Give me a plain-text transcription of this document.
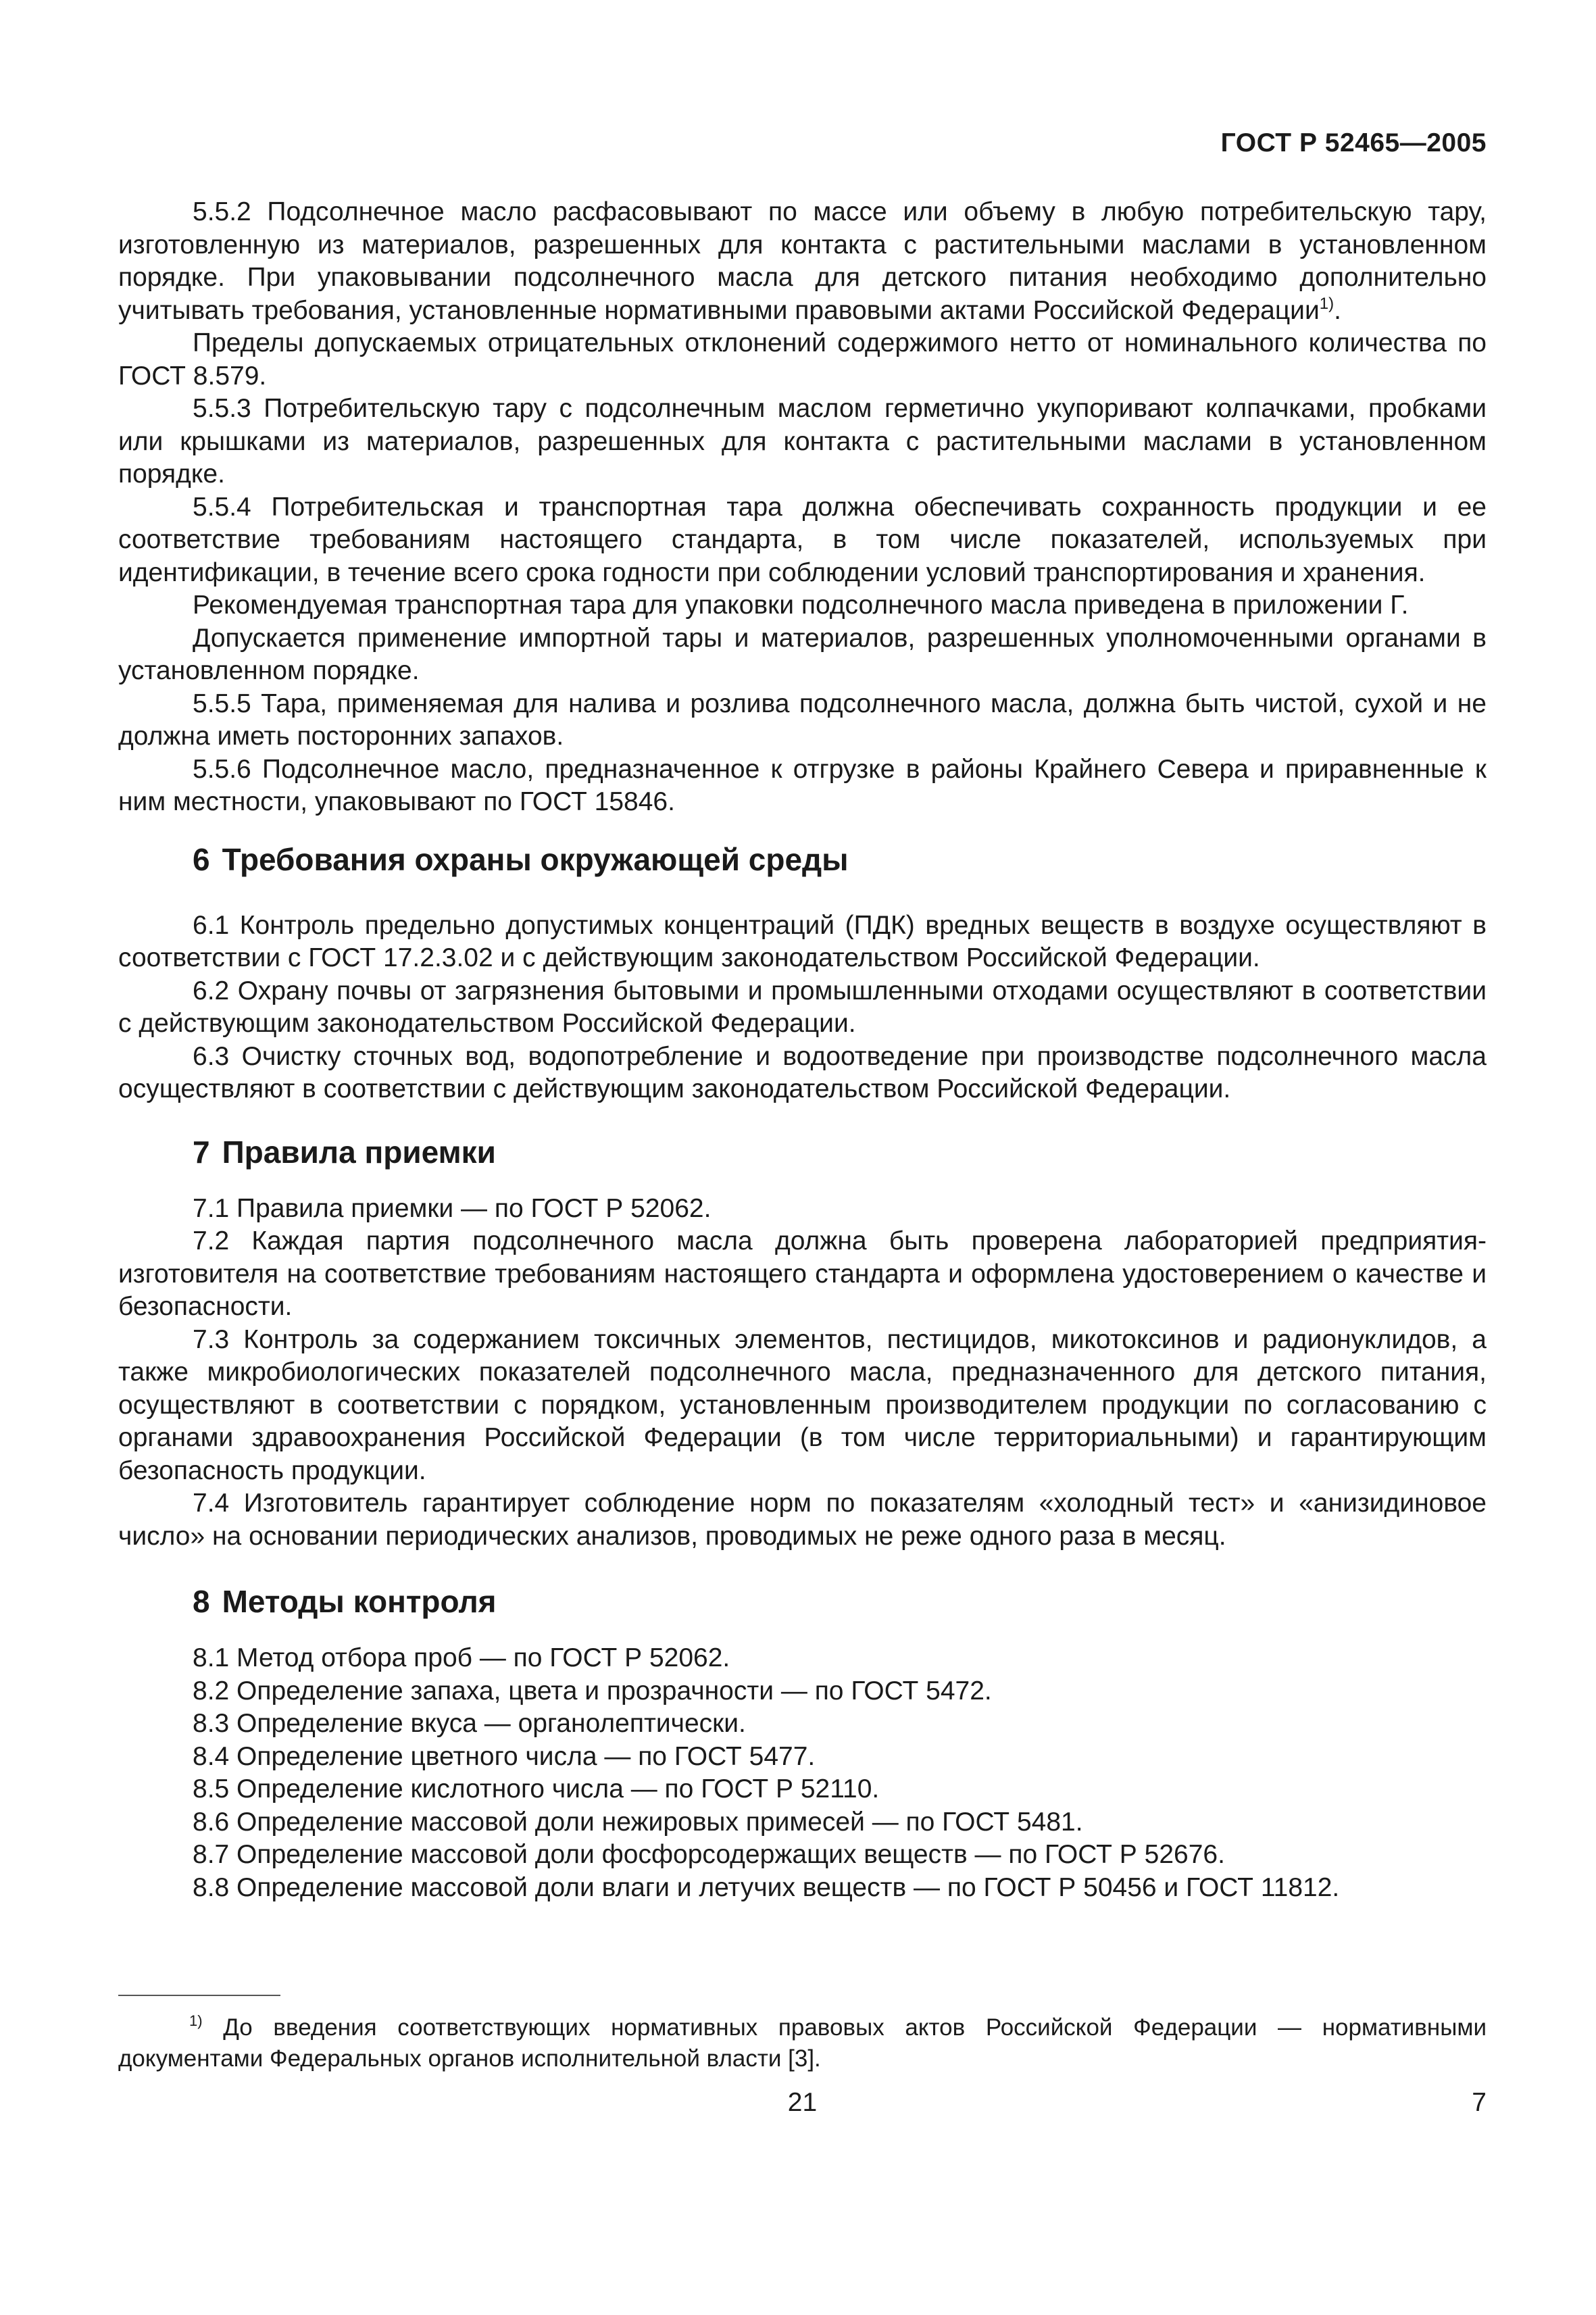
ГОСТ Р 52465—2005

5.5.2 Подсолнечное масло расфасовывают по массе или объему в любую потребительскую тару, изготовленную из материалов, разрешенных для контакта с растительными маслами в установленном порядке. При упаковывании подсолнечного масла для детского питания необходимо дополнительно учитывать требования, установленные нормативными правовыми актами Российской Федерации$^{1)}$.

Пределы допускаемых отрицательных отклонений содержимого нетто от номинального количества по ГОСТ 8.579.

5.5.3 Потребительскую тару с подсолнечным маслом герметично укупоривают колпачками, пробками или крышками из материалов, разрешенных для контакта с растительными маслами в установленном порядке.

5.5.4 Потребительская и транспортная тара должна обеспечивать сохранность продукции и ее соответствие требованиям настоящего стандарта, в том числе показателей, используемых при идентификации, в течение всего срока годности при соблюдении условий транспортирования и хранения.

Рекомендуемая транспортная тара для упаковки подсолнечного масла приведена в приложении Г.

Допускается применение импортной тары и материалов, разрешенных уполномоченными органами в установленном порядке.

5.5.5 Тара, применяемая для налива и розлива подсолнечного масла, должна быть чистой, сухой и не должна иметь посторонних запахов.

5.5.6 Подсолнечное масло, предназначенное к отгрузке в районы Крайнего Севера и приравненные к ним местности, упаковывают по ГОСТ 15846.

6 Требования охраны окружающей среды

6.1 Контроль предельно допустимых концентраций (ПДК) вредных веществ в воздухе осуществляют в соответствии с ГОСТ 17.2.3.02 и с действующим законодательством Российской Федерации.

6.2 Охрану почвы от загрязнения бытовыми и промышленными отходами осуществляют в соответствии с действующим законодательством Российской Федерации.

6.3 Очистку сточных вод, водопотребление и водоотведение при производстве подсолнечного масла осуществляют в соответствии с действующим законодательством Российской Федерации.

7 Правила приемки

7.1 Правила приемки — по ГОСТ Р 52062.

7.2 Каждая партия подсолнечного масла должна быть проверена лабораторией предприятия-изготовителя на соответствие требованиям настоящего стандарта и оформлена удостоверением о качестве и безопасности.

7.3 Контроль за содержанием токсичных элементов, пестицидов, микотоксинов и радионуклидов, а также микробиологических показателей подсолнечного масла, предназначенного для детского питания, осуществляют в соответствии с порядком, установленным производителем продукции по согласованию с органами здравоохранения Российской Федерации (в том числе территориальными) и гарантирующим безопасность продукции.

7.4 Изготовитель гарантирует соблюдение норм по показателям «холодный тест» и «анизидиновое число» на основании периодических анализов, проводимых не реже одного раза в месяц.

8 Методы контроля

8.1 Метод отбора проб — по ГОСТ Р 52062.

8.2 Определение запаха, цвета и прозрачности — по ГОСТ 5472.

8.3 Определение вкуса — органолептически.

8.4 Определение цветного числа — по ГОСТ 5477.

8.5 Определение кислотного числа — по ГОСТ Р 52110.

8.6 Определение массовой доли нежировых примесей — по ГОСТ 5481.

8.7 Определение массовой доли фосфорсодержащих веществ — по ГОСТ Р 52676.

8.8 Определение массовой доли влаги и летучих веществ — по ГОСТ Р 50456 и ГОСТ 11812.

$^{1)}$ До введения соответствующих нормативных правовых актов Российской Федерации — нормативными документами Федеральных органов исполнительной власти [3].

21	7
